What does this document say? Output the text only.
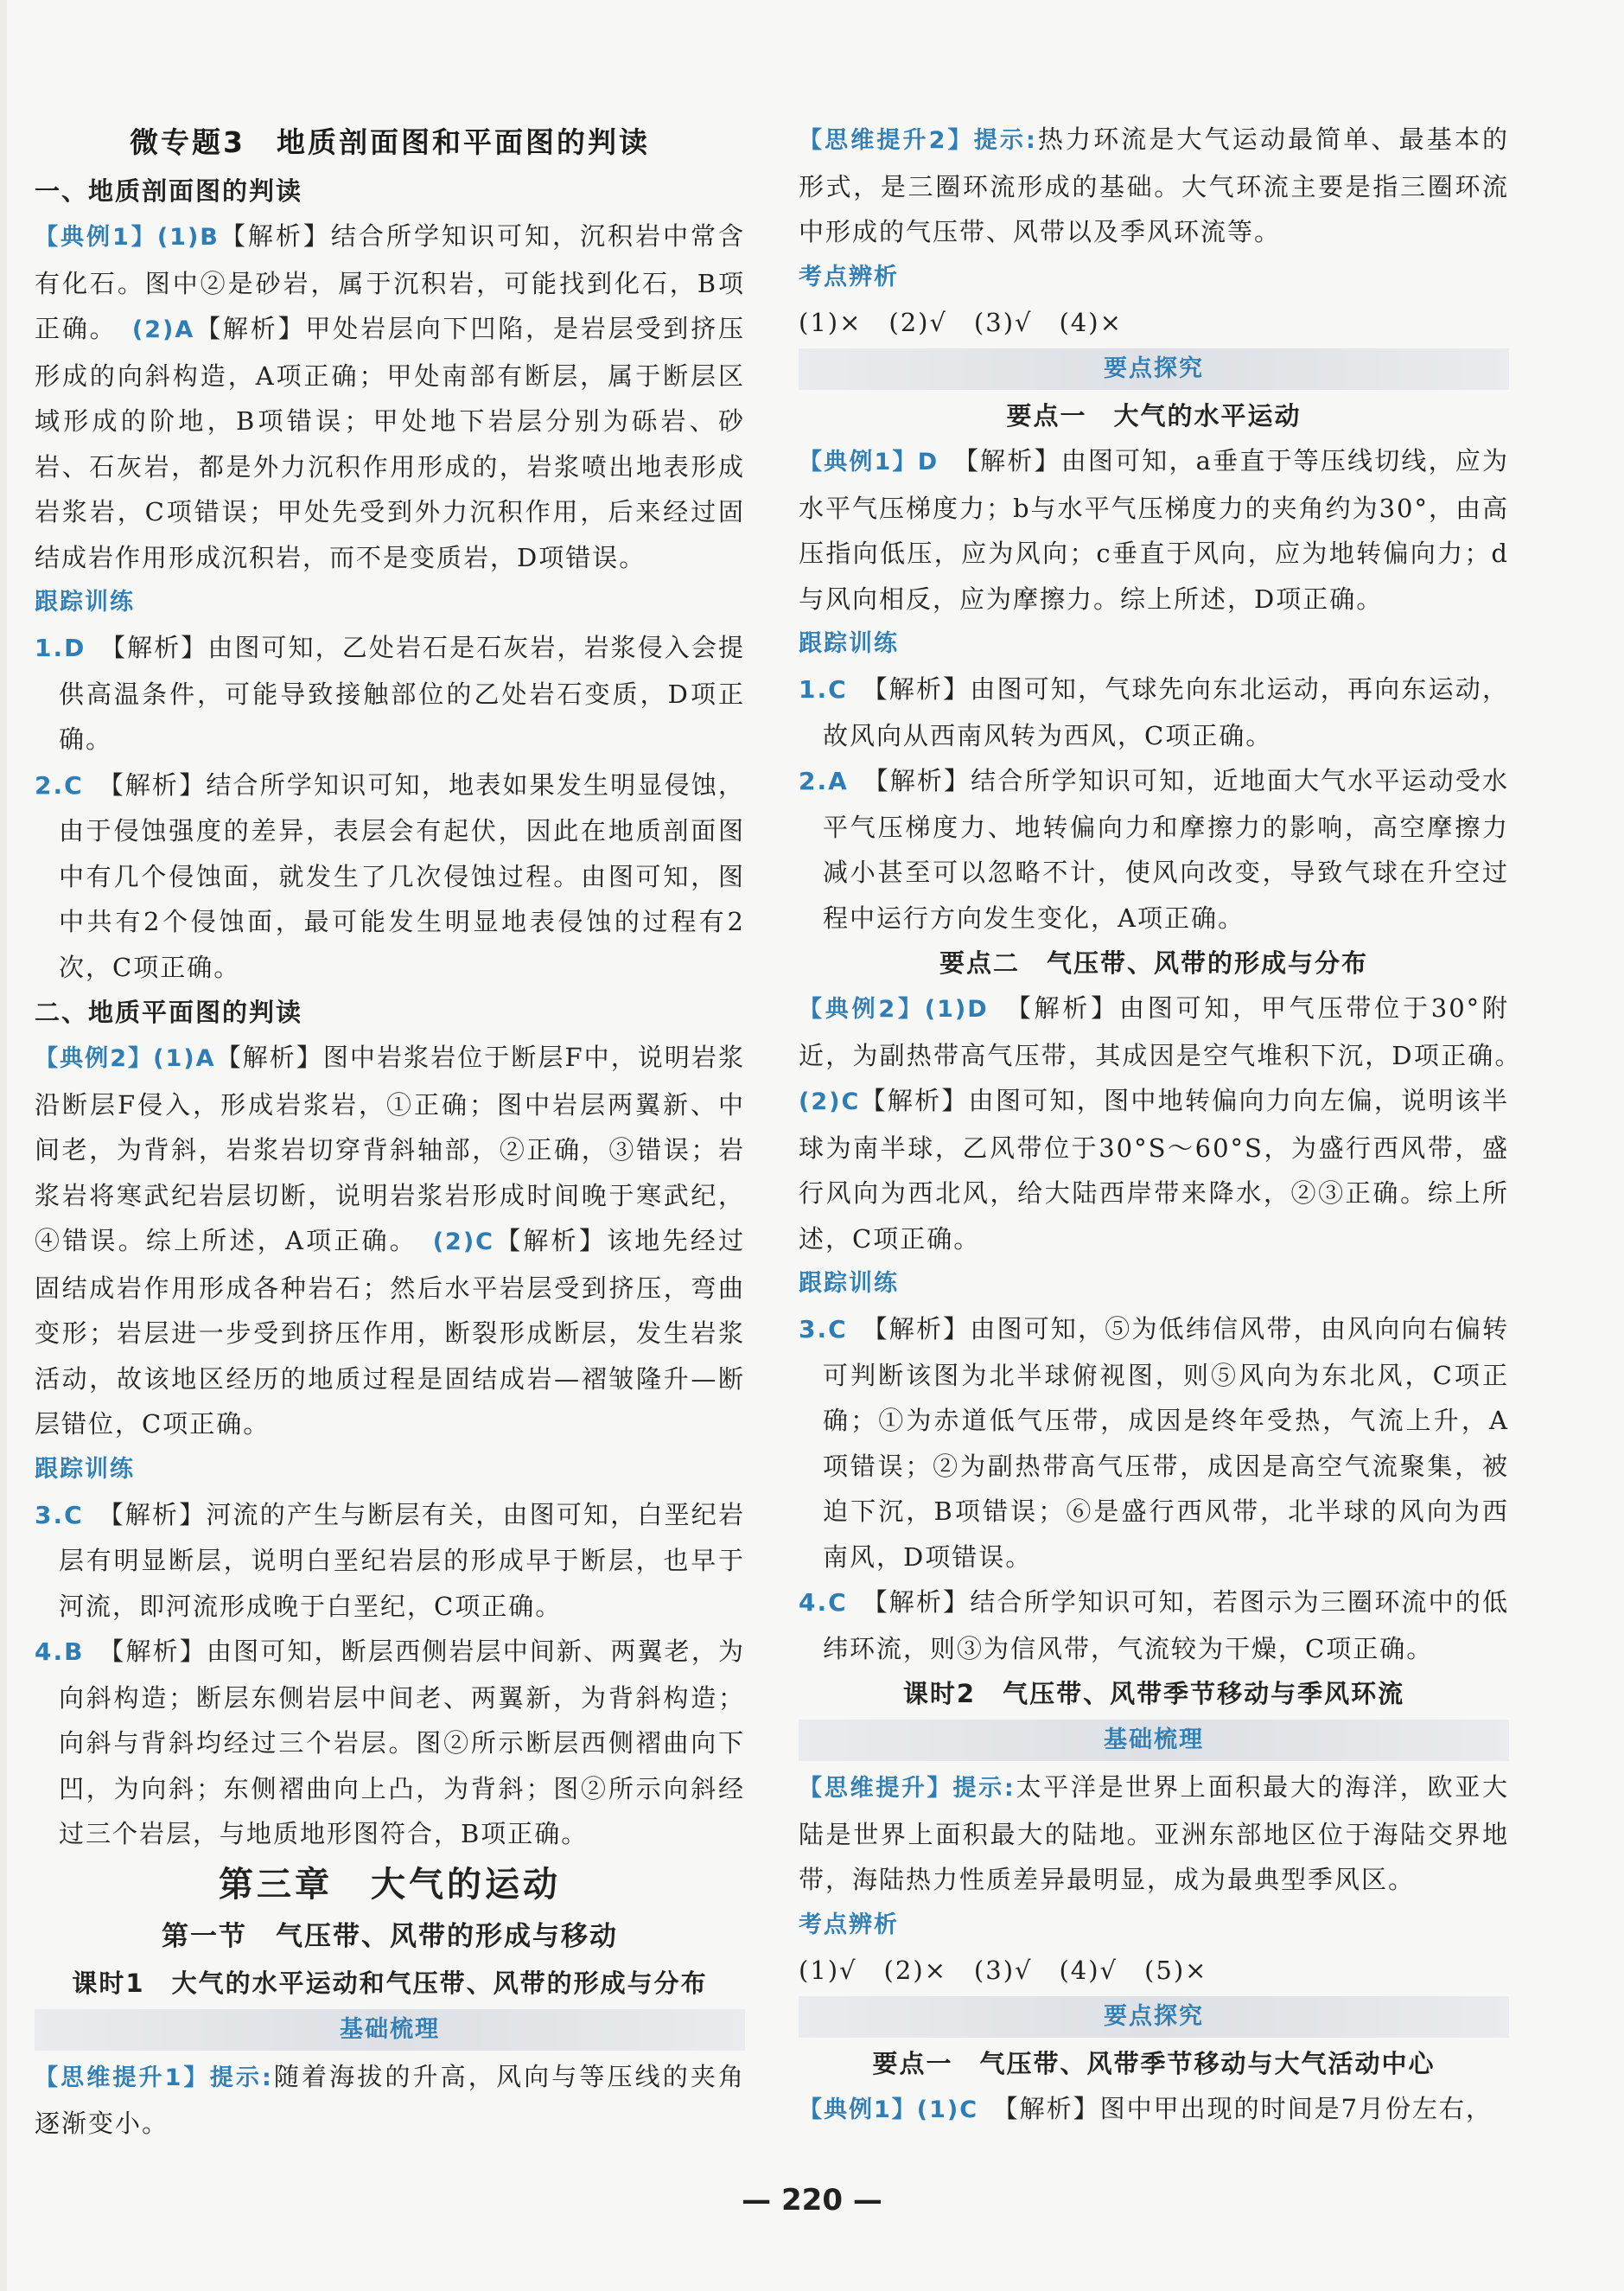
微专题3　地质剖面图和平面图的判读

一、地质剖面图的判读

【典例1】(1)B【解析】结合所学知识可知，沉积岩中常含有化石。图中②是砂岩，属于沉积岩，可能找到化石，B项正确。　 (2)A【解析】甲处岩层向下凹陷，是岩层受到挤压形成的向斜构造，A项正确；甲处南部有断层，属于断层区域形成的阶地，B项错误；甲处地下岩层分别为砾岩、砂岩、石灰岩，都是外力沉积作用形成的，岩浆喷出地表形成岩浆岩，C项错误；甲处先受到外力沉积作用，后来经过固结成岩作用形成沉积岩，而不是变质岩，D项错误。

跟踪训练

1.D　 【解析】由图可知，乙处岩石是石灰岩，岩浆侵入会提供高温条件，可能导致接触部位的乙处岩石变质，D项正确。

2.C　 【解析】结合所学知识可知，地表如果发生明显侵蚀，由于侵蚀强度的差异，表层会有起伏，因此在地质剖面图中有几个侵蚀面，就发生了几次侵蚀过程。由图可知，图中共有2个侵蚀面，最可能发生明显地表侵蚀的过程有2次，C项正确。

二、地质平面图的判读

【典例2】(1)A【解析】图中岩浆岩位于断层F中，说明岩浆沿断层F侵入，形成岩浆岩，①正确；图中岩层两翼新、中间老，为背斜，岩浆岩切穿背斜轴部，②正确，③错误；岩浆岩将寒武纪岩层切断，说明岩浆岩形成时间晚于寒武纪，④错误。综上所述，A项正确。　 (2)C【解析】该地先经过固结成岩作用形成各种岩石；然后水平岩层受到挤压，弯曲变形；岩层进一步受到挤压作用，断裂形成断层，发生岩浆活动，故该地区经历的地质过程是固结成岩—褶皱隆升—断层错位，C项正确。

跟踪训练

3.C　 【解析】河流的产生与断层有关，由图可知，白垩纪岩层有明显断层，说明白垩纪岩层的形成早于断层，也早于河流，即河流形成晚于白垩纪，C项正确。

4.B　 【解析】由图可知，断层西侧岩层中间新、两翼老，为向斜构造；断层东侧岩层中间老、两翼新，为背斜构造；向斜与背斜均经过三个岩层。图②所示断层西侧褶曲向下凹，为向斜；东侧褶曲向上凸，为背斜；图②所示向斜经过三个岩层，与地质地形图符合，B项正确。

第三章　大气的运动

第一节　气压带、风带的形成与移动

课时1　大气的水平运动和气压带、风带的形成与分布

基础梳理

【思维提升1】提示:随着海拔的升高，风向与等压线的夹角逐渐变小。

【思维提升2】提示:热力环流是大气运动最简单、最基本的形式，是三圈环流形成的基础。大气环流主要是指三圈环流中形成的气压带、风带以及季风环流等。

考点辨析

(1)×　(2)√　(3)√　(4)×

要点探究

要点一　大气的水平运动

【典例1】D　 【解析】由图可知，a垂直于等压线切线，应为水平气压梯度力；b与水平气压梯度力的夹角约为30°，由高压指向低压，应为风向；c垂直于风向，应为地转偏向力；d与风向相反，应为摩擦力。综上所述，D项正确。

跟踪训练

1.C　 【解析】由图可知，气球先向东北运动，再向东运动，故风向从西南风转为西风，C项正确。

2.A　 【解析】结合所学知识可知，近地面大气水平运动受水平气压梯度力、地转偏向力和摩擦力的影响，高空摩擦力减小甚至可以忽略不计，使风向改变，导致气球在升空过程中运行方向发生变化，A项正确。

要点二　气压带、风带的形成与分布

【典例2】(1)D　 【解析】由图可知，甲气压带位于30°附近，为副热带高气压带，其成因是空气堆积下沉，D项正确。　(2)C【解析】由图可知，图中地转偏向力向左偏，说明该半球为南半球，乙风带位于30°S～60°S，为盛行西风带，盛行风向为西北风，给大陆西岸带来降水，②③正确。综上所述，C项正确。

跟踪训练

3.C　 【解析】由图可知，⑤为低纬信风带，由风向向右偏转可判断该图为北半球俯视图，则⑤风向为东北风，C项正确；①为赤道低气压带，成因是终年受热，气流上升，A项错误；②为副热带高气压带，成因是高空气流聚集，被迫下沉，B项错误；⑥是盛行西风带，北半球的风向为西南风，D项错误。

4.C　 【解析】结合所学知识可知，若图示为三圈环流中的低纬环流，则③为信风带，气流较为干燥，C项正确。

课时2　气压带、风带季节移动与季风环流

基础梳理

【思维提升】提示:太平洋是世界上面积最大的海洋，欧亚大陆是世界上面积最大的陆地。亚洲东部地区位于海陆交界地带，海陆热力性质差异最明显，成为最典型季风区。

考点辨析

(1)√　(2)×　(3)√　(4)√　(5)×

要点探究

要点一　气压带、风带季节移动与大气活动中心

【典例1】(1)C　 【解析】图中甲出现的时间是7月份左右，

— 220 —
